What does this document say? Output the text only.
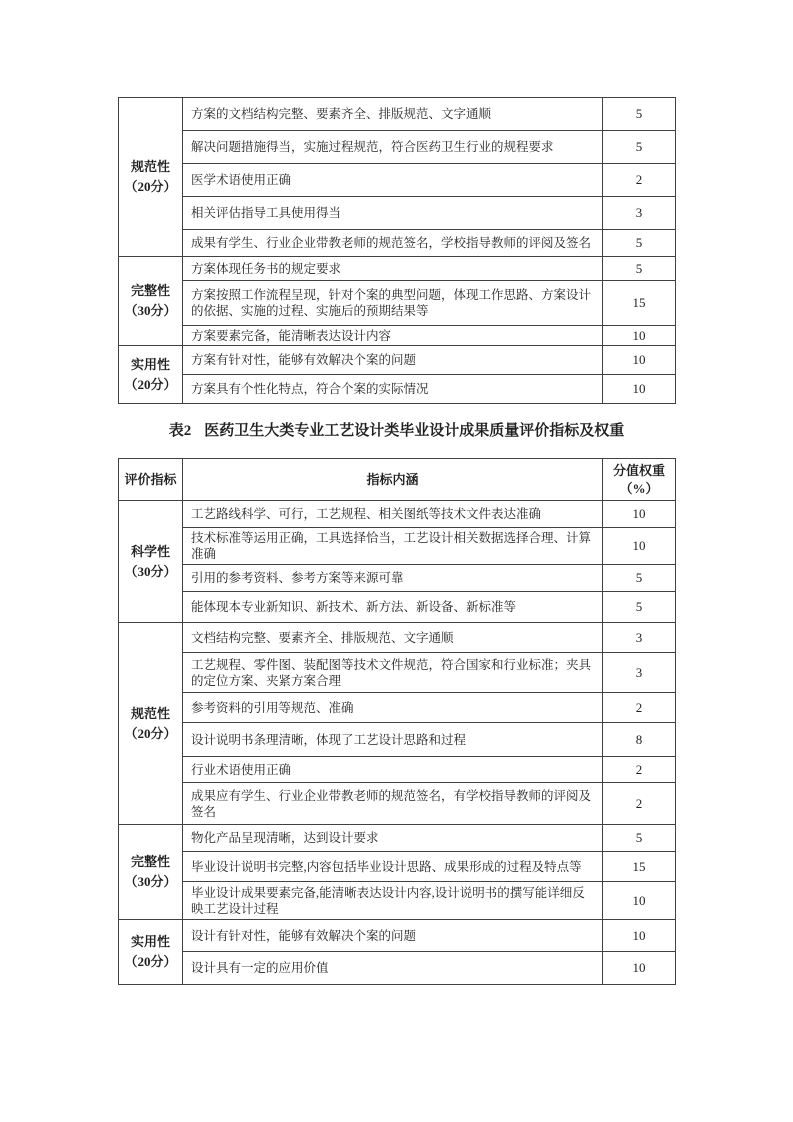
规范性
（20分）	方案的文档结构完整、要素齐全、排版规范、文字通顺	5
	解决问题措施得当，实施过程规范，符合医药卫生行业的规程要求	5
	医学术语使用正确	2
	相关评估指导工具使用得当	3
	成果有学生、行业企业带教老师的规范签名，学校指导教师的评阅及签名	5

完整性
（30分）	方案体现任务书的规定要求	5
	方案按照工作流程呈现，针对个案的典型问题，体现工作思路、方案设计的依据、实施的过程、实施后的预期结果等	15
	方案要素完备，能清晰表达设计内容	10

实用性
（20分）	方案有针对性，能够有效解决个案的问题	10
	方案具有个性化特点，符合个案的实际情况	10
表2 医药卫生大类专业工艺设计类毕业设计成果质量评价指标及权重
评价指标	指标内涵	分值权重
（%）

科学性
（30分）	工艺路线科学、可行，工艺规程、相关图纸等技术文件表达准确	10
	技术标准等运用正确，工具选择恰当，工艺设计相关数据选择合理、计算准确	10
	引用的参考资料、参考方案等来源可靠	5
	能体现本专业新知识、新技术、新方法、新设备、新标准等	5

规范性
（20分）	文档结构完整、要素齐全、排版规范、文字通顺	3
	工艺规程、零件图、装配图等技术文件规范，符合国家和行业标准；夹具的定位方案、夹紧方案合理	3
	参考资料的引用等规范、准确	2
	设计说明书条理清晰，体现了工艺设计思路和过程	8
	行业术语使用正确	2
	成果应有学生、行业企业带教老师的规范签名，有学校指导教师的评阅及签名	2

完整性
（30分）	物化产品呈现清晰，达到设计要求	5
	毕业设计说明书完整,内容包括毕业设计思路、成果形成的过程及特点等	15
	毕业设计成果要素完备,能清晰表达设计内容,设计说明书的撰写能详细反映工艺设计过程	10

实用性
（20分）	设计有针对性，能够有效解决个案的问题	10
	设计具有一定的应用价值	10
